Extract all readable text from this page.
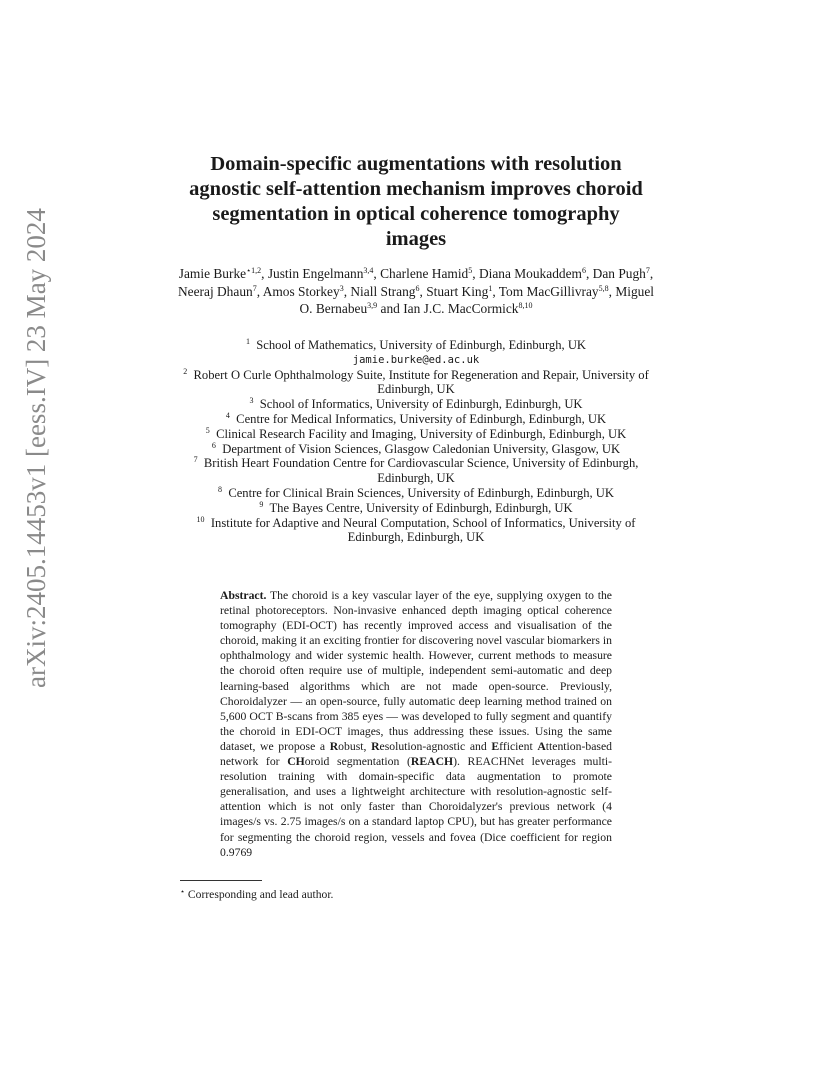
arXiv:2405.14453v1 [eess.IV] 23 May 2024
Domain-specific augmentations with resolution agnostic self-attention mechanism improves choroid segmentation in optical coherence tomography images
Jamie Burke$^{⋆1,2}$, Justin Engelmann$^{3,4}$, Charlene Hamid$^5$, Diana Moukaddem$^6$, Dan Pugh$^7$, Neeraj Dhaun$^7$, Amos Storkey$^3$, Niall Strang$^6$, Stuart King$^1$, Tom MacGillivray$^{5,8}$, Miguel O. Bernabeu$^{3,9}$ and Ian J.C. MacCormick$^{8,10}$
$^1$ School of Mathematics, University of Edinburgh, Edinburgh, UK
jamie.burke@ed.ac.uk
$^2$ Robert O Curle Ophthalmology Suite, Institute for Regeneration and Repair, University of Edinburgh, UK
$^3$ School of Informatics, University of Edinburgh, Edinburgh, UK
$^4$ Centre for Medical Informatics, University of Edinburgh, Edinburgh, UK
$^5$ Clinical Research Facility and Imaging, University of Edinburgh, Edinburgh, UK
$^6$ Department of Vision Sciences, Glasgow Caledonian University, Glasgow, UK
$^7$ British Heart Foundation Centre for Cardiovascular Science, University of Edinburgh, Edinburgh, UK
$^8$ Centre for Clinical Brain Sciences, University of Edinburgh, Edinburgh, UK
$^9$ The Bayes Centre, University of Edinburgh, Edinburgh, UK
$^{10}$ Institute for Adaptive and Neural Computation, School of Informatics, University of Edinburgh, Edinburgh, UK

Abstract. The choroid is a key vascular layer of the eye, supplying oxygen to the retinal photoreceptors. Non-invasive enhanced depth imaging optical coherence tomography (EDI-OCT) has recently improved access and visualisation of the choroid, making it an exciting frontier for discovering novel vascular biomarkers in ophthalmology and wider systemic health. However, current methods to measure the choroid often require use of multiple, independent semi-automatic and deep learning-based algorithms which are not made open-source. Previously, Choroidalyzer — an open-source, fully automatic deep learning method trained on 5,600 OCT B-scans from 385 eyes — was developed to fully segment and quantify the choroid in EDI-OCT images, thus addressing these issues. Using the same dataset, we propose a Robust, Resolution-agnostic and Efficient Attention-based network for CHoroid segmentation (REACH). REACHNet leverages multi-resolution training with domain-specific data augmentation to promote generalisation, and uses a lightweight architecture with resolution-agnostic self-attention which is not only faster than Choroidalyzer's previous network (4 images/s vs. 2.75 images/s on a standard laptop CPU), but has greater performance for segmenting the choroid region, vessels and fovea (Dice coefficient for region 0.9769

⋆ Corresponding and lead author.
